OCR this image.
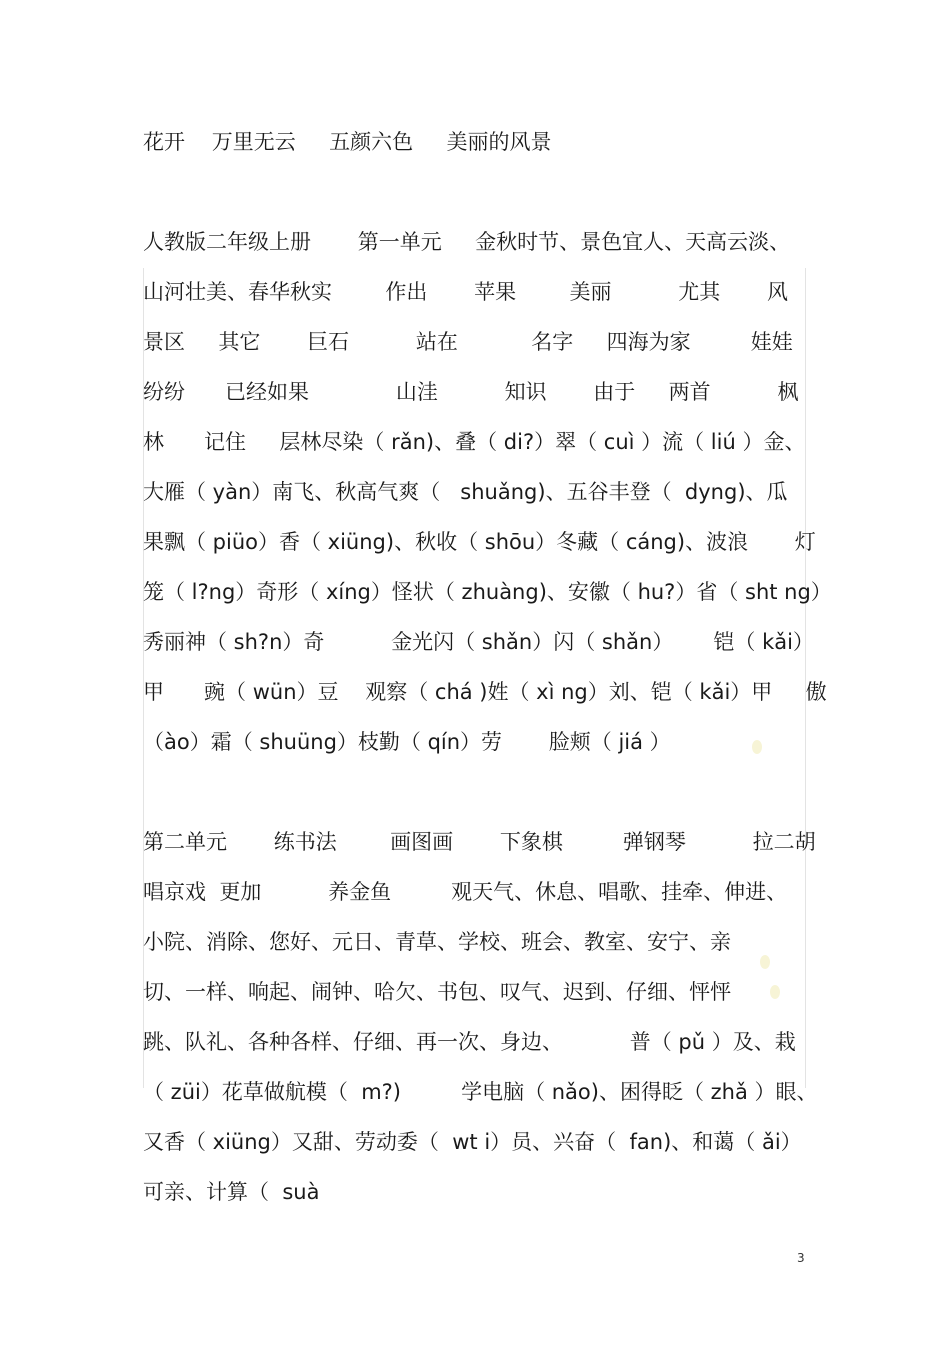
花开    万里无云     五颜六色     美丽的风景
人教版二年级上册       第一单元     金秋时节、景色宜人、天高云淡、
山河壮美、春华秋实        作出       苹果        美丽          尤其       风
景区     其它       巨石          站在           名字     四海为家         娃娃
纷纷      已经如果             山洼          知识       由于     两首          枫
林      记住     层林尽染（ rǎn)、叠（ di?）翠（ cuì ）流（ liú ）金、
大雁（ yàn）南飞、秋高气爽（   shuǎng)、五谷丰登（  dyng)、瓜
果飘（ piüo）香（ xiüng)、秋收（ shōu）冬藏（ cáng)、波浪       灯
笼（ l?ng）奇形（ xíng）怪状（ zhuàng)、安徽（ hu?）省（ sht ng）
秀丽神（ sh?n）奇          金光闪（ shǎn）闪（ shǎn）      铠（ kǎi）
甲      豌（ wün）豆    观察（ chá )姓（ xì ng）刘、铠（ kǎi）甲     傲
（ào）霜（ shuüng）枝勤（ qín）劳       脸颊（ jiá ）
第二单元       练书法        画图画       下象棋         弹钢琴          拉二胡
唱京戏  更加          养金鱼         观天气、休息、唱歌、挂牵、伸进、
小院、消除、您好、元日、青草、学校、班会、教室、安宁、亲
切、一样、响起、闹钟、哈欠、书包、叹气、迟到、仔细、怦怦
跳、队礼、各种各样、仔细、再一次、身边、          普（ pǔ ）及、栽
（ züi）花草做航模（  m?)         学电脑（ nǎo)、困得眨（ zhǎ ）眼、
又香（ xiüng）又甜、劳动委（  wt i）员、兴奋（  fan)、和蔼（ ǎi）
可亲、计算（  suà
3
